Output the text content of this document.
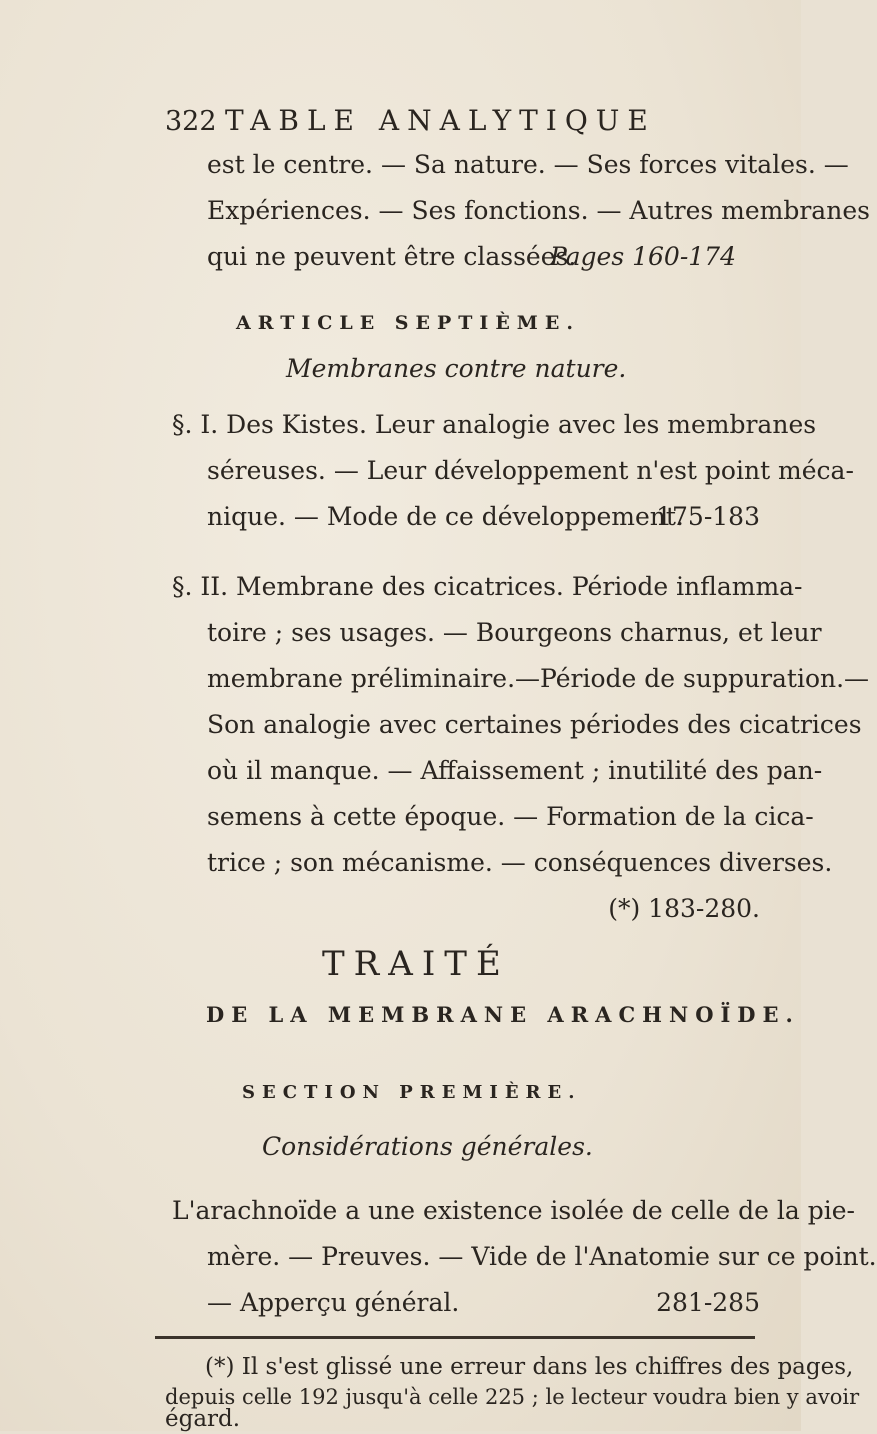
322 TABLE ANALYTIQUE
est le centre. — Sa nature. — Ses forces vitales. —
Expériences. — Ses fonctions. — Autres membranes
qui ne peuvent être classées.
Pages 160-174
ARTICLE SEPTIÈME.
Membranes contre nature.
§. I. Des Kistes. Leur analogie avec les membranes
séreuses. — Leur développement n'est point méca-
nique. — Mode de ce développement.
175-183
§. II. Membrane des cicatrices. Période inflamma-
toire ; ses usages. — Bourgeons charnus, et leur
membrane préliminaire.—Période de suppuration.—
Son analogie avec certaines périodes des cicatrices
où il manque. — Affaissement ; inutilité des pan-
semens à cette époque. — Formation de la cica-
trice ; son mécanisme. — conséquences diverses.
(*) 183-280.
TRAITÉ
DE LA MEMBRANE ARACHNOÏDE.
SECTION PREMIÈRE.
Considérations générales.
L'arachnoïde a une existence isolée de celle de la pie-
mère. — Preuves. — Vide de l'Anatomie sur ce point.
— Apperçu général.	281-285
(*) Il s'est glissé une erreur dans les chiffres des pages,
depuis celle 192 jusqu'à celle 225 ; le lecteur voudra bien y avoir
égard.
